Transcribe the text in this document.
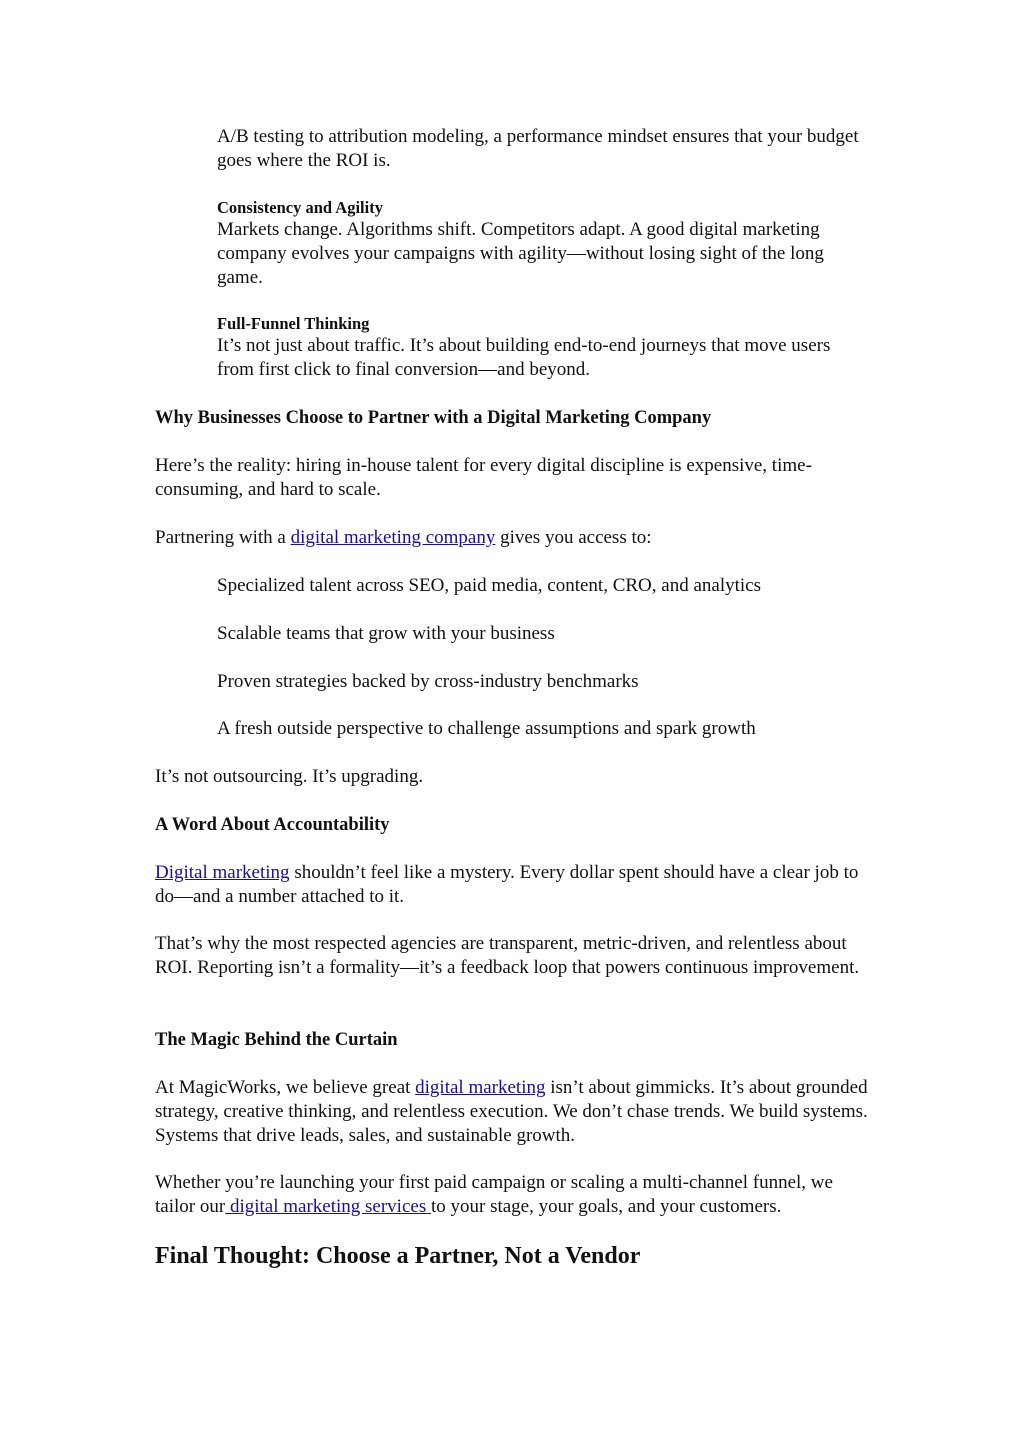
A/B testing to attribution modeling, a performance mindset ensures that your budget goes where the ROI is.

Consistency and Agility

Markets change. Algorithms shift. Competitors adapt. A good digital marketing company evolves your campaigns with agility—without losing sight of the long game.

Full-Funnel Thinking

It’s not just about traffic. It’s about building end-to-end journeys that move users from first click to final conversion—and beyond.

Why Businesses Choose to Partner with a Digital Marketing Company

Here’s the reality: hiring in-house talent for every digital discipline is expensive, time-consuming, and hard to scale.

Partnering with a digital marketing company gives you access to:

Specialized talent across SEO, paid media, content, CRO, and analytics

Scalable teams that grow with your business

Proven strategies backed by cross-industry benchmarks

A fresh outside perspective to challenge assumptions and spark growth

It’s not outsourcing. It’s upgrading.

A Word About Accountability

Digital marketing shouldn’t feel like a mystery. Every dollar spent should have a clear job to do—and a number attached to it.

That’s why the most respected agencies are transparent, metric-driven, and relentless about ROI. Reporting isn’t a formality—it’s a feedback loop that powers continuous improvement.

The Magic Behind the Curtain

At MagicWorks, we believe great digital marketing isn’t about gimmicks. It’s about grounded strategy, creative thinking, and relentless execution. We don’t chase trends. We build systems. Systems that drive leads, sales, and sustainable growth.

Whether you’re launching your first paid campaign or scaling a multi-channel funnel, we tailor our digital marketing services to your stage, your goals, and your customers.

Final Thought: Choose a Partner, Not a Vendor
